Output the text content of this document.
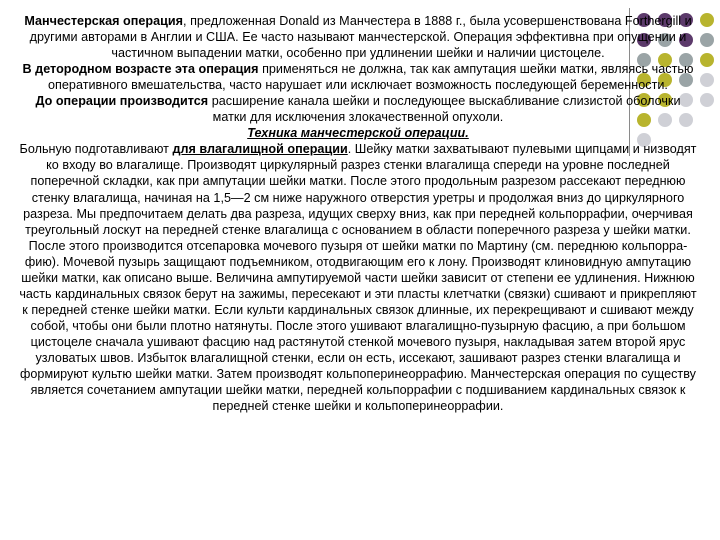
Манчестерская операция, предложенная Donald из Манчестера в 1888 г., была усовершенствована Forthergill и другими авторами в Англии и США. Ее часто называют манчестерской. Операция эффективна при опущении и частичном выпадении матки, особенно при удлинении шейки и наличии цистоцеле.

В детородном возрасте эта операция применяться не должна, так как ампутация шейки матки, являясь частью оперативного вмешательства, часто нарушает или исключает возможность последующей беременности.

До операции производится расширение канала шейки и последующее выскабливание слизистой оболочки матки для исключения злокачественной опухоли.

Техника манчестерской операции.

Больную подготавливают для влагалищной операции. Шейку матки захватывают пулевыми щипцами и низводят ко входу во влагалище. Производят циркулярный разрез стенки влагалища спереди на уровне последней поперечной складки, как при ампутации шейки матки. После этого продольным разрезом рассекают переднюю стенку влагалища, начиная на 1,5—2 см ниже наружного отверстия уретры и продолжая вниз до циркулярного разреза. Мы предпочитаем делать два разреза, идущих сверху вниз, как при передней кольпоррафии, очерчивая треугольный лоскут на передней стенке влагалища с основанием в области поперечного разреза у шейки матки. После этого производится отсепаровка мочевого пузыря от шейки матки по Мартину (см. переднюю кольпорра-фию). Мочевой пузырь защищают подъемником, отодвигающим его к лону. Производят клиновидную ампутацию шейки матки, как описано выше. Величина ампутируемой части шейки зависит от степени ее удлинения. Нижнюю часть кардинальных связок берут на зажимы, пересекают и эти пласты клетчатки (связки) сшивают и прикрепляют к передней стенке шейки матки. Если культи кардинальных связок длинные, их перекрещивают и сшивают между собой, чтобы они были плотно натянуты. После этого ушивают влагалищно-пузырную фасцию, а при большом цистоцеле сначала ушивают фасцию над растянутой стенкой мочевого пузыря, накладывая затем второй ярус узловатых швов. Избыток влагалищной стенки, если он есть, иссекают, зашивают разрез стенки влагалища и формируют культю шейки матки. Затем производят кольпоперинеоррафию. Манчестерская операция по существу является сочетанием ампутации шейки матки, передней кольпоррафии с подшиванием кардинальных связок к передней стенке шейки и кольпоперинеоррафии.
